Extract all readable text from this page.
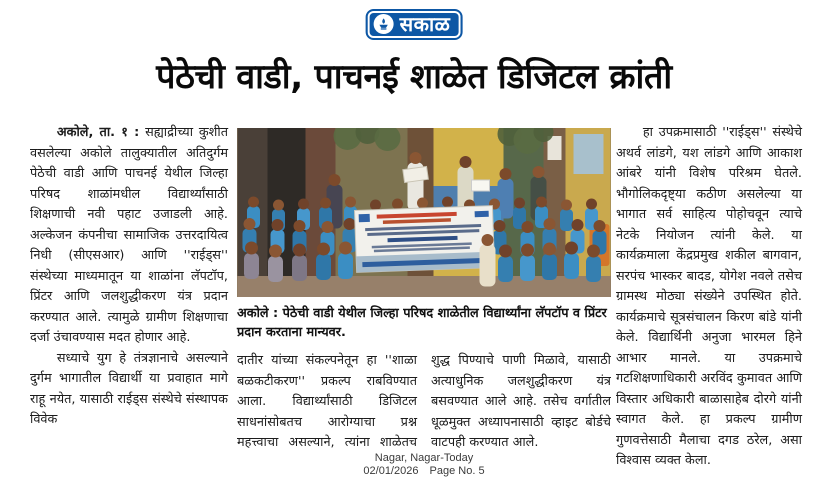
सकाळ
पेठेची वाडी, पाचनई शाळेत डिजिटल क्रांती

अकोले, ता. १ : सह्याद्रीच्या कुशीत वसलेल्या अकोले तालुक्यातील अतिदुर्गम पेठेची वाडी आणि पाचनई येथील जिल्हा परिषद शाळांमधील विद्यार्थ्यांसाठी शिक्षणाची नवी पहाट उजाडली आहे. अल्केजन कंपनीचा सामाजिक उत्तरदायित्व निधी (सीएसआर) आणि ''राईड्स'' संस्थेच्या माध्यमातून या शाळांना लॅपटॉप, प्रिंटर आणि जलशुद्धीकरण यंत्र प्रदान करण्यात आले. त्यामुळे ग्रामीण शिक्षणाचा दर्जा उंचावण्यास मदत होणार आहे.

सध्याचे युग हे तंत्रज्ञानाचे असल्याने दुर्गम भागातील विद्यार्थी या प्रवाहात मागे राहू नयेत, यासाठी राईड्स संस्थेचे संस्थापक विवेक

अकोले : पेठेची वाडी येथील जिल्हा परिषद शाळेतील विद्यार्थ्यांना लॅपटॉप व प्रिंटर प्रदान करताना मान्यवर.
दातीर यांच्या संकल्पनेतून हा ''शाळा बळकटीकरण'' प्रकल्प राबविण्यात आला. विद्यार्थ्यांसाठी डिजिटल साधनांसोबतच आरोग्याचा प्रश्न महत्त्वाचा असल्याने, त्यांना शाळेतच शुद्ध पिण्याचे पाणी मिळावे, यासाठी अत्याधुनिक जलशुद्धीकरण यंत्र बसवण्यात आले आहे. तसेच वर्गातील धूळमुक्त अध्यापनासाठी व्हाइट बोर्डचे वाटपही करण्यात आले.

हा उपक्रमासाठी ''राईड्स'' संस्थेचे अथर्व लांडगे, यश लांडगे आणि आकाश आंबरे यांनी विशेष परिश्रम घेतले. भौगोलिकदृष्ट्या कठीण असलेल्या या भागात सर्व साहित्य पोहोचवून त्याचे नेटके नियोजन त्यांनी केले. या कार्यक्रमाला केंद्रप्रमुख शकील बागवान, सरपंच भास्कर बादड, योगेश नवले तसेच ग्रामस्थ मोठ्या संख्येने उपस्थित होते. कार्यक्रमाचे सूत्रसंचालन किरण बांडे यांनी केले. विद्यार्थिनी अनुजा भारमल हिने आभार मानले. या उपक्रमाचे गटशिक्षणाधिकारी अरविंद कुमावत आणि विस्तार अधिकारी बाळासाहेब दोरगे यांनी स्वागत केले. हा प्रकल्प ग्रामीण गुणवत्तेसाठी मैलाचा दगड ठरेल, असा विश्वास व्यक्त केला.

Nagar, Nagar-Today
02/01/2026 Page No. 5
